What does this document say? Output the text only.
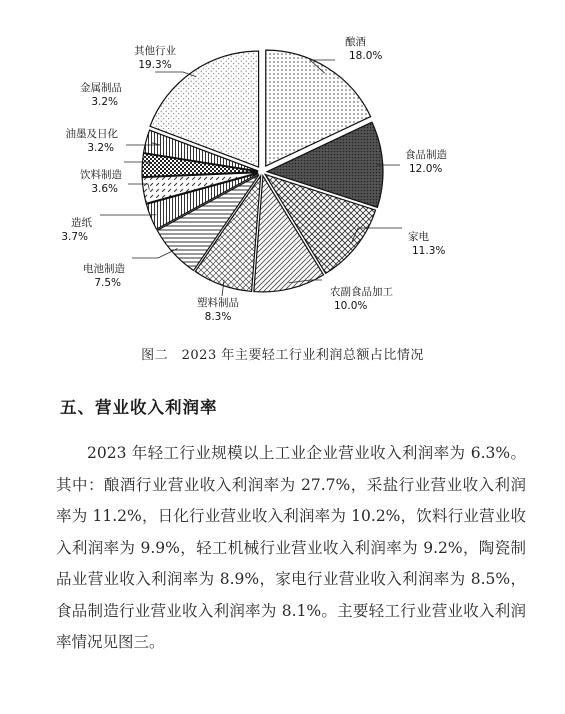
酿酒
18.0%
食品制造
12.0%
家电
11.3%
农副食品加工
10.0%
塑料制品
8.3%
电池制造
7.5%
造纸
3.7%
饮料制造
3.6%
油墨及日化
3.2%
金属制品
3.2%
其他行业
19.3%
图二　2023 年主要轻工行业利润总额占比情况
五、营业收入利润率

2023 年轻工行业规模以上工业企业营业收入利润率为 6.3%。其中：酿酒行业营业收入利润率为 27.7%，采盐行业营业收入利润率为 11.2%，日化行业营业收入利润率为 10.2%，饮料行业营业收入利润率为 9.9%，轻工机械行业营业收入利润率为 9.2%，陶瓷制品业营业收入利润率为 8.9%，家电行业营业收入利润率为 8.5%，食品制造行业营业收入利润率为 8.1%。主要轻工行业营业收入利润率情况见图三。
